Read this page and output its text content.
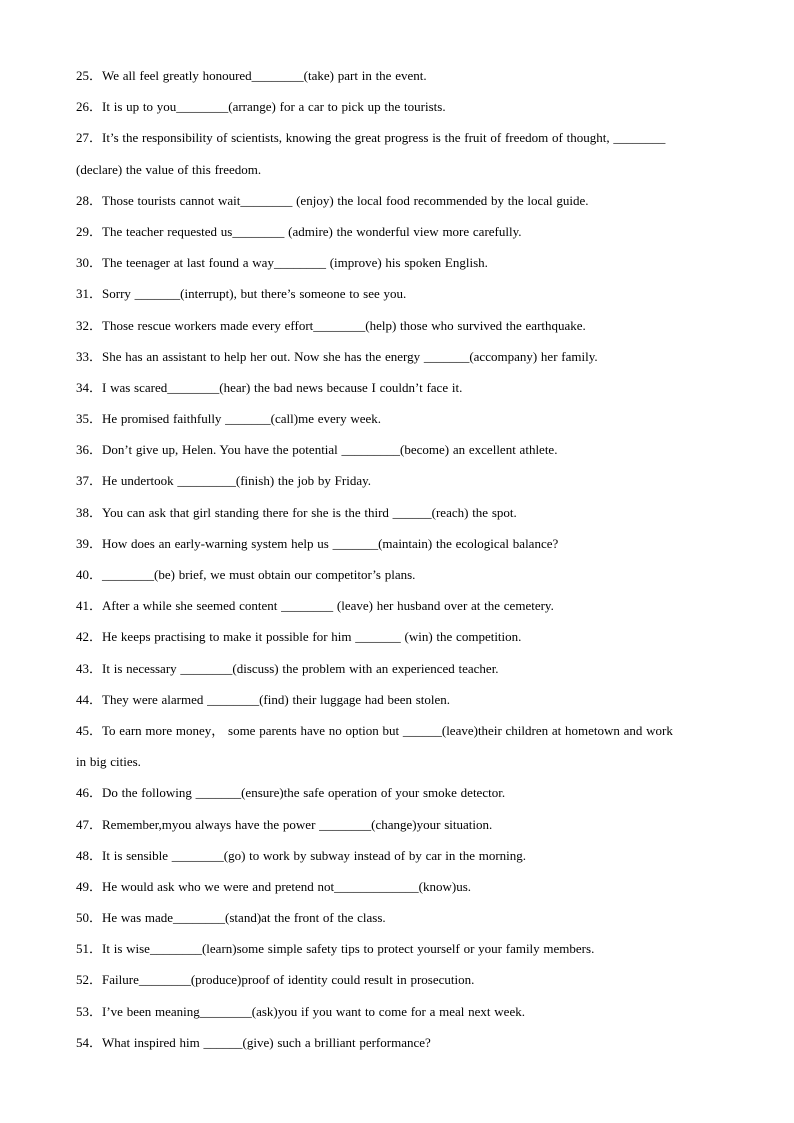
25．We all feel greatly honoured________(take) part in the event.
26．It is up to you________(arrange) for a car to pick up the tourists.
27．It’s the responsibility of scientists, knowing the great progress is the fruit of freedom of thought, ________
(declare) the value of this freedom.
28．Those tourists cannot wait________ (enjoy) the local food recommended by the local guide.
29．The teacher requested us________ (admire) the wonderful view more carefully.
30．The teenager at last found a way________ (improve) his spoken English.
31．Sorry _______(interrupt), but there’s someone to see you.
32．Those rescue workers made every effort________(help) those who survived the earthquake.
33．She has an assistant to help her out. Now she has the energy _______(accompany) her family.
34．I was scared________(hear) the bad news because I couldn’t face it.
35．He promised faithfully _______(call)me every week.
36．Don’t give up, Helen. You have the potential _________(become) an excellent athlete.
37．He undertook _________(finish) the job by Friday.
38．You can ask that girl standing there for she is the third ______(reach) the spot.
39．How does an early-warning system help us _______(maintain) the ecological balance?
40．________(be) brief, we must obtain our competitor’s plans.
41．After a while she seemed content ________ (leave) her husband over at the cemetery.
42．He keeps practising to make it possible for him _______ (win) the competition.
43．It is necessary ________(discuss) the problem with an experienced teacher.
44．They were alarmed ________(find) their luggage had been stolen.
45．To earn more money， some parents have no option but ______(leave)their children at hometown and work
in big cities.
46．Do the following _______(ensure)the safe operation of your smoke detector.
47．Remember,myou always have the power ________(change)your situation.
48．It is sensible ________(go) to work by subway instead of by car in the morning.
49．He would ask who we were and pretend not_____________(know)us.
50．He was made________(stand)at the front of the class.
51．It is wise________(learn)some simple safety tips to protect yourself or your family members.
52．Failure________(produce)proof of identity could result in prosecution.
53．I’ve been meaning________(ask)you if you want to come for a meal next week.
54．What inspired him ______(give) such a brilliant performance?
